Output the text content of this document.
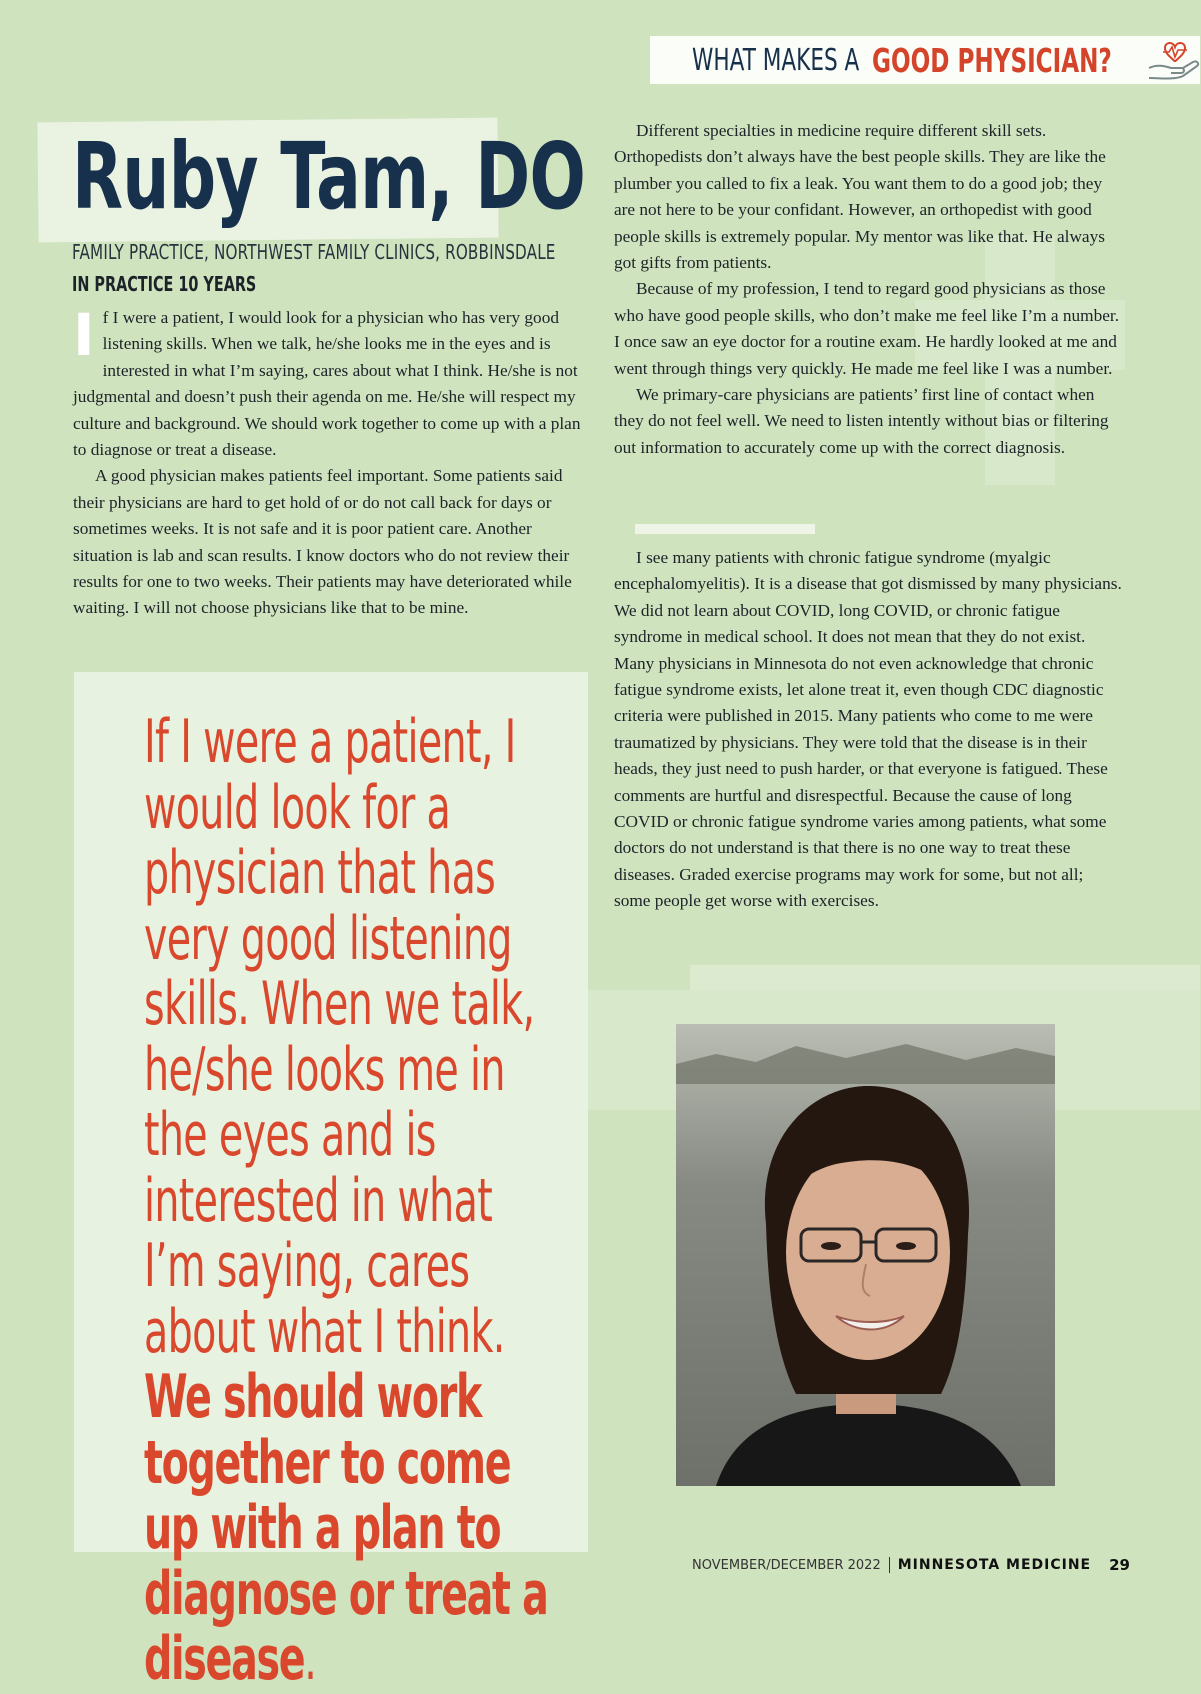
WHAT MAKES A GOOD PHYSICIAN?
Ruby Tam, DO
FAMILY PRACTICE, NORTHWEST FAMILY CLINICS, ROBBINSDALE
IN PRACTICE 10 YEARS

If I were a patient, I would look for a physician who has very good listening skills. When we talk, he/she looks me in the eyes and is interested in what I’m saying, cares about what I think. He/she is not judgmental and doesn’t push their agenda on me. He/she will respect my culture and background. We should work together to come up with a plan to diagnose or treat a disease.

A good physician makes patients feel important. Some patients said their physicians are hard to get hold of or do not call back for days or sometimes weeks. It is not safe and it is poor patient care. Another situation is lab and scan results. I know doctors who do not review their results for one to two weeks. Their patients may have deteriorated while waiting. I will not choose physicians like that to be mine.

Different specialties in medicine require different skill sets. Orthopedists don’t always have the best people skills. They are like the plumber you called to fix a leak. You want them to do a good job; they are not here to be your confidant. However, an orthopedist with good people skills is extremely popular. My mentor was like that. He always got gifts from patients.

Because of my profession, I tend to regard good physicians as those who have good people skills, who don’t make me feel like I’m a number. I once saw an eye doctor for a routine exam. He hardly looked at me and went through things very quickly. He made me feel like I was a number.

We primary-care physicians are patients’ first line of contact when they do not feel well. We need to listen intently without bias or filtering out information to accurately come up with the correct diagnosis.

I see many patients with chronic fatigue syndrome (myalgic encephalomyelitis). It is a disease that got dismissed by many physicians. We did not learn about COVID, long COVID, or chronic fatigue syndrome in medical school. It does not mean that they do not exist. Many physicians in Minnesota do not even acknowledge that chronic fatigue syndrome exists, let alone treat it, even though CDC diagnostic criteria were published in 2015. Many patients who come to me were traumatized by physicians. They were told that the disease is in their heads, they just need to push harder, or that everyone is fatigued. These comments are hurtful and disrespectful. Because the cause of long COVID or chronic fatigue syndrome varies among patients, what some doctors do not understand is that there is no one way to treat these diseases. Graded exercise programs may work for some, but not all; some people get worse with exercises.

If I were a patient, I would look for a physician that has very good listening skills. When we talk, he/she looks me in the eyes and is interested in what I’m saying, cares about what I think. We should work together to come up with a plan to diagnose or treat a disease.
NOVEMBER/DECEMBER 2022 MINNESOTA MEDICINE 29
